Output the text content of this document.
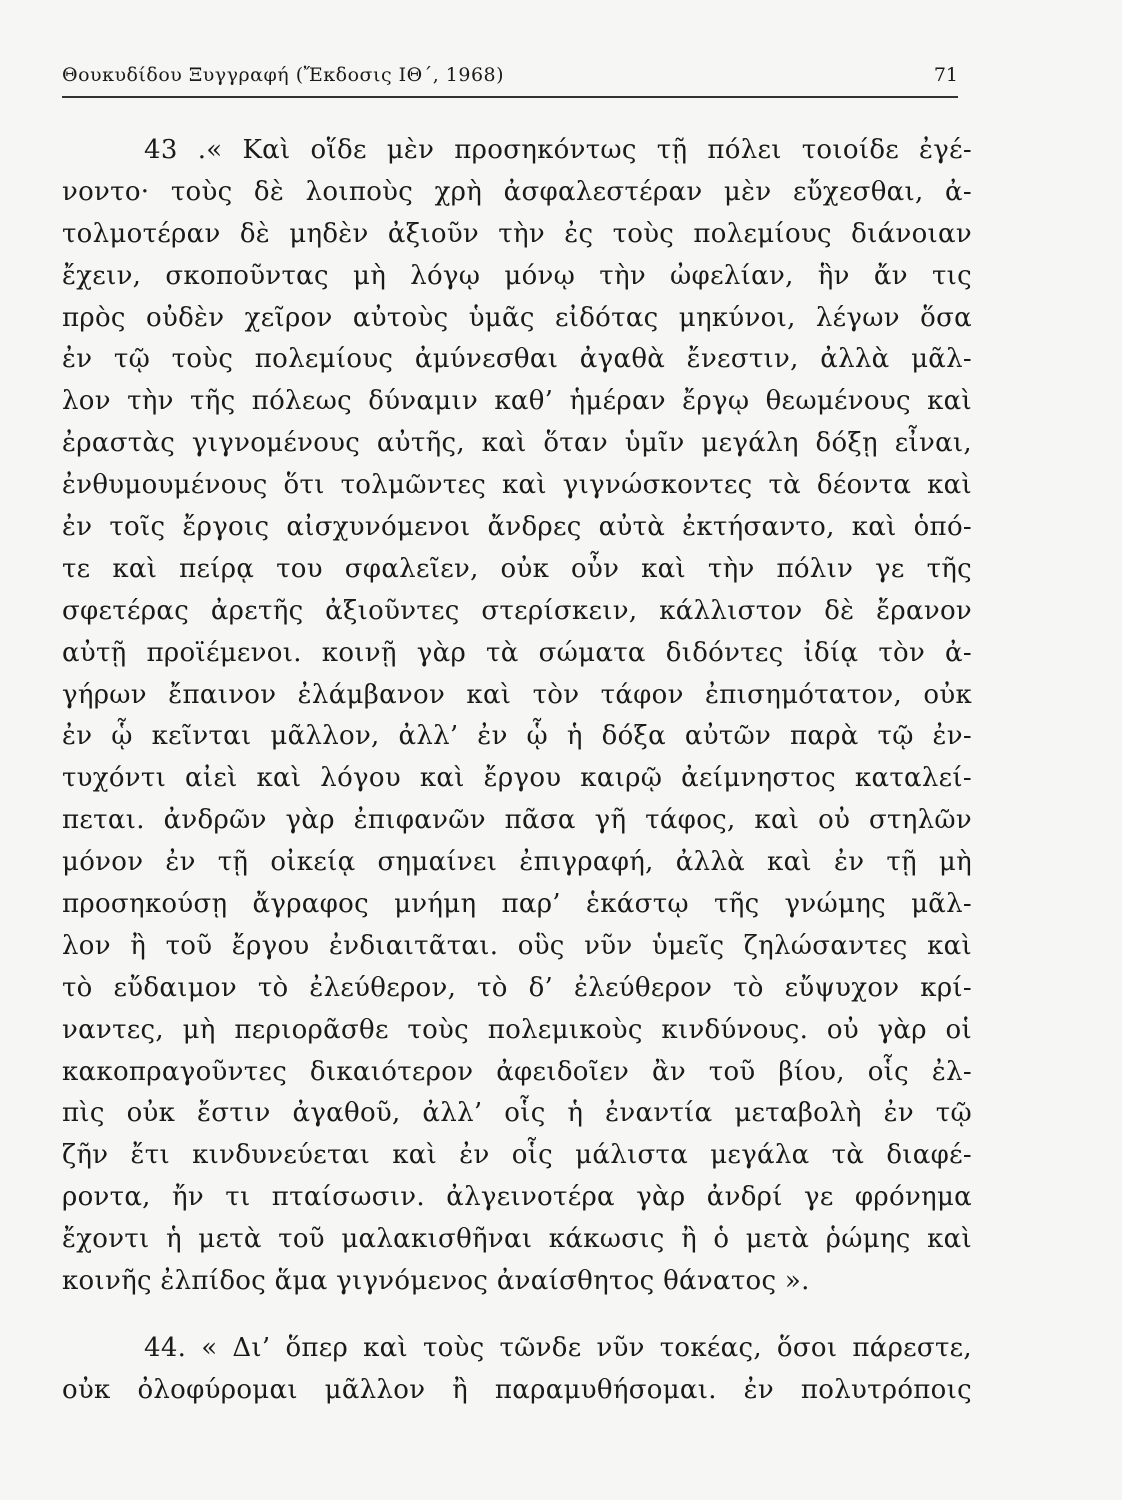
Θουκυδίδου Ξυγγραφή (Ἔκδοσις ΙΘ΄, 1968)	71
43 .« Καὶ οἵδε μὲν προσηκόντως τῇ πόλει τοιοίδε ἐγέ-
νοντο· τοὺς δὲ λοιποὺς χρὴ ἀσφαλεστέραν μὲν εὔχεσθαι, ἀ-
τολμοτέραν δὲ μηδὲν ἀξιοῦν τὴν ἐς τοὺς πολεμίους διάνοιαν
ἔχειν, σκοποῦντας μὴ λόγῳ μόνῳ τὴν ὠφελίαν, ἣν ἄν τις
πρὸς οὐδὲν χεῖρον αὐτοὺς ὑμᾶς εἰδότας μηκύνοι, λέγων ὅσα
ἐν τῷ τοὺς πολεμίους ἀμύνεσθαι ἀγαθὰ ἔνεστιν, ἀλλὰ μᾶλ-
λον τὴν τῆς πόλεως δύναμιν καθ’ ἡμέραν ἔργῳ θεωμένους καὶ
ἐραστὰς γιγνομένους αὐτῆς, καὶ ὅταν ὑμῖν μεγάλη δόξῃ εἶναι,
ἐνθυμουμένους ὅτι τολμῶντες καὶ γιγνώσκοντες τὰ δέοντα καὶ
ἐν τοῖς ἔργοις αἰσχυνόμενοι ἄνδρες αὐτὰ ἐκτήσαντο, καὶ ὁπό-
τε καὶ πείρᾳ του σφαλεῖεν, οὐκ οὖν καὶ τὴν πόλιν γε τῆς
σφετέρας ἀρετῆς ἀξιοῦντες στερίσκειν, κάλλιστον δὲ ἔρανον
αὐτῇ προϊέμενοι. κοινῇ γὰρ τὰ σώματα διδόντες ἰδίᾳ τὸν ἀ-
γήρων ἔπαινον ἐλάμβανον καὶ τὸν τάφον ἐπισημότατον, οὐκ
ἐν ᾧ κεῖνται μᾶλλον, ἀλλ’ ἐν ᾧ ἡ δόξα αὐτῶν παρὰ τῷ ἐν-
τυχόντι αἰεὶ καὶ λόγου καὶ ἔργου καιρῷ ἀείμνηστος καταλεί-
πεται. ἀνδρῶν γὰρ ἐπιφανῶν πᾶσα γῆ τάφος, καὶ οὐ στηλῶν
μόνον ἐν τῇ οἰκείᾳ σημαίνει ἐπιγραφή, ἀλλὰ καὶ ἐν τῇ μὴ
προσηκούσῃ ἄγραφος μνήμη παρ’ ἑκάστῳ τῆς γνώμης μᾶλ-
λον ἢ τοῦ ἔργου ἐνδιαιτᾶται. οὓς νῦν ὑμεῖς ζηλώσαντες καὶ
τὸ εὔδαιμον τὸ ἐλεύθερον, τὸ δ’ ἐλεύθερον τὸ εὔψυχον κρί-
ναντες, μὴ περιορᾶσθε τοὺς πολεμικοὺς κινδύνους. οὐ γὰρ οἱ
κακοπραγοῦντες δικαιότερον ἀφειδοῖεν ἂν τοῦ βίου, οἷς ἐλ-
πὶς οὐκ ἔστιν ἀγαθοῦ, ἀλλ’ οἷς ἡ ἐναντία μεταβολὴ ἐν τῷ
ζῆν ἔτι κινδυνεύεται καὶ ἐν οἷς μάλιστα μεγάλα τὰ διαφέ-
ροντα, ἤν τι πταίσωσιν. ἀλγεινοτέρα γὰρ ἀνδρί γε φρόνημα
ἔχοντι ἡ μετὰ τοῦ μαλακισθῆναι κάκωσις ἢ ὁ μετὰ ῥώμης καὶ
κοινῆς ἐλπίδος ἅμα γιγνόμενος ἀναίσθητος θάνατος ».
44. « Δι’ ὅπερ καὶ τοὺς τῶνδε νῦν τοκέας, ὅσοι πάρεστε,
οὐκ ὀλοφύρομαι μᾶλλον ἢ παραμυθήσομαι. ἐν πολυτρόποις
